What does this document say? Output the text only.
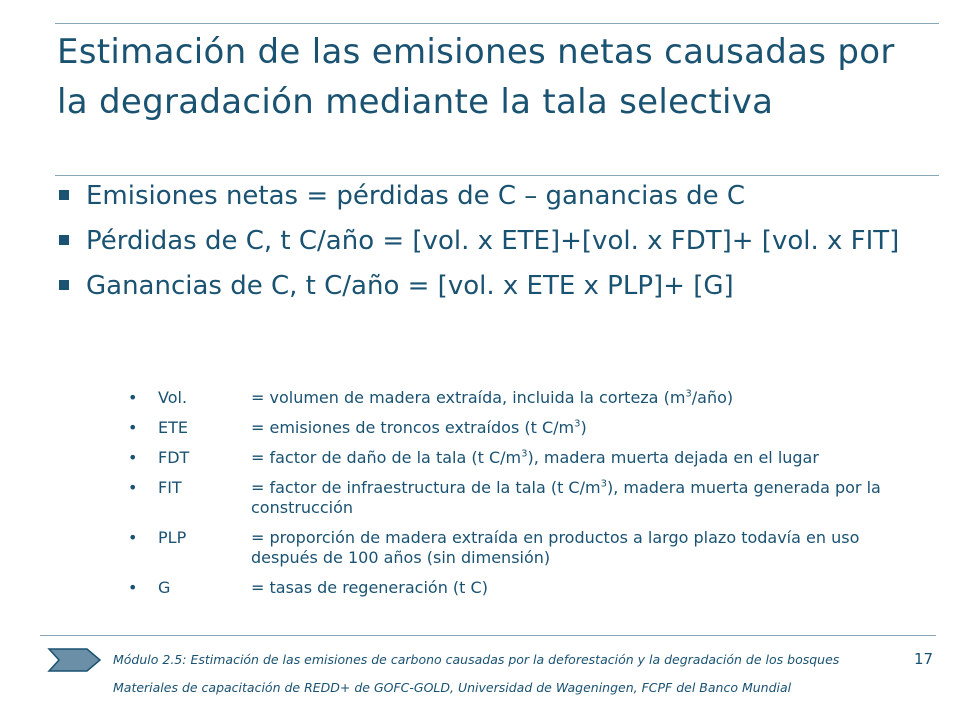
Estimación de las emisiones netas causadas por la degradación mediante la tala selectiva
Emisiones netas = pérdidas de C – ganancias de C
Pérdidas de C, t C/año = [vol. x ETE]+[vol. x FDT]+ [vol. x FIT]
Ganancias de C, t C/año = [vol. x ETE x PLP]+ [G]
• Vol.	= volumen de madera extraída, incluida la corteza $(m^3/año)$
• ETE	= emisiones de troncos extraídos (t $C/m^3$)
• FDT	= factor de daño de la tala (t $C/m^3$), madera muerta dejada en el lugar
• FIT	= factor de infraestructura de la tala (t $C/m^3$), madera muerta generada por la construcción
• PLP	= proporción de madera extraída en productos a largo plazo todavía en uso después de 100 años (sin dimensión)
• G	= tasas de regeneración (t C)
Módulo 2.5: Estimación de las emisiones de carbono causadas por la deforestación y la degradación de los bosques	17
Materiales de capacitación de REDD+ de GOFC-GOLD, Universidad de Wageningen, FCPF del Banco Mundial
